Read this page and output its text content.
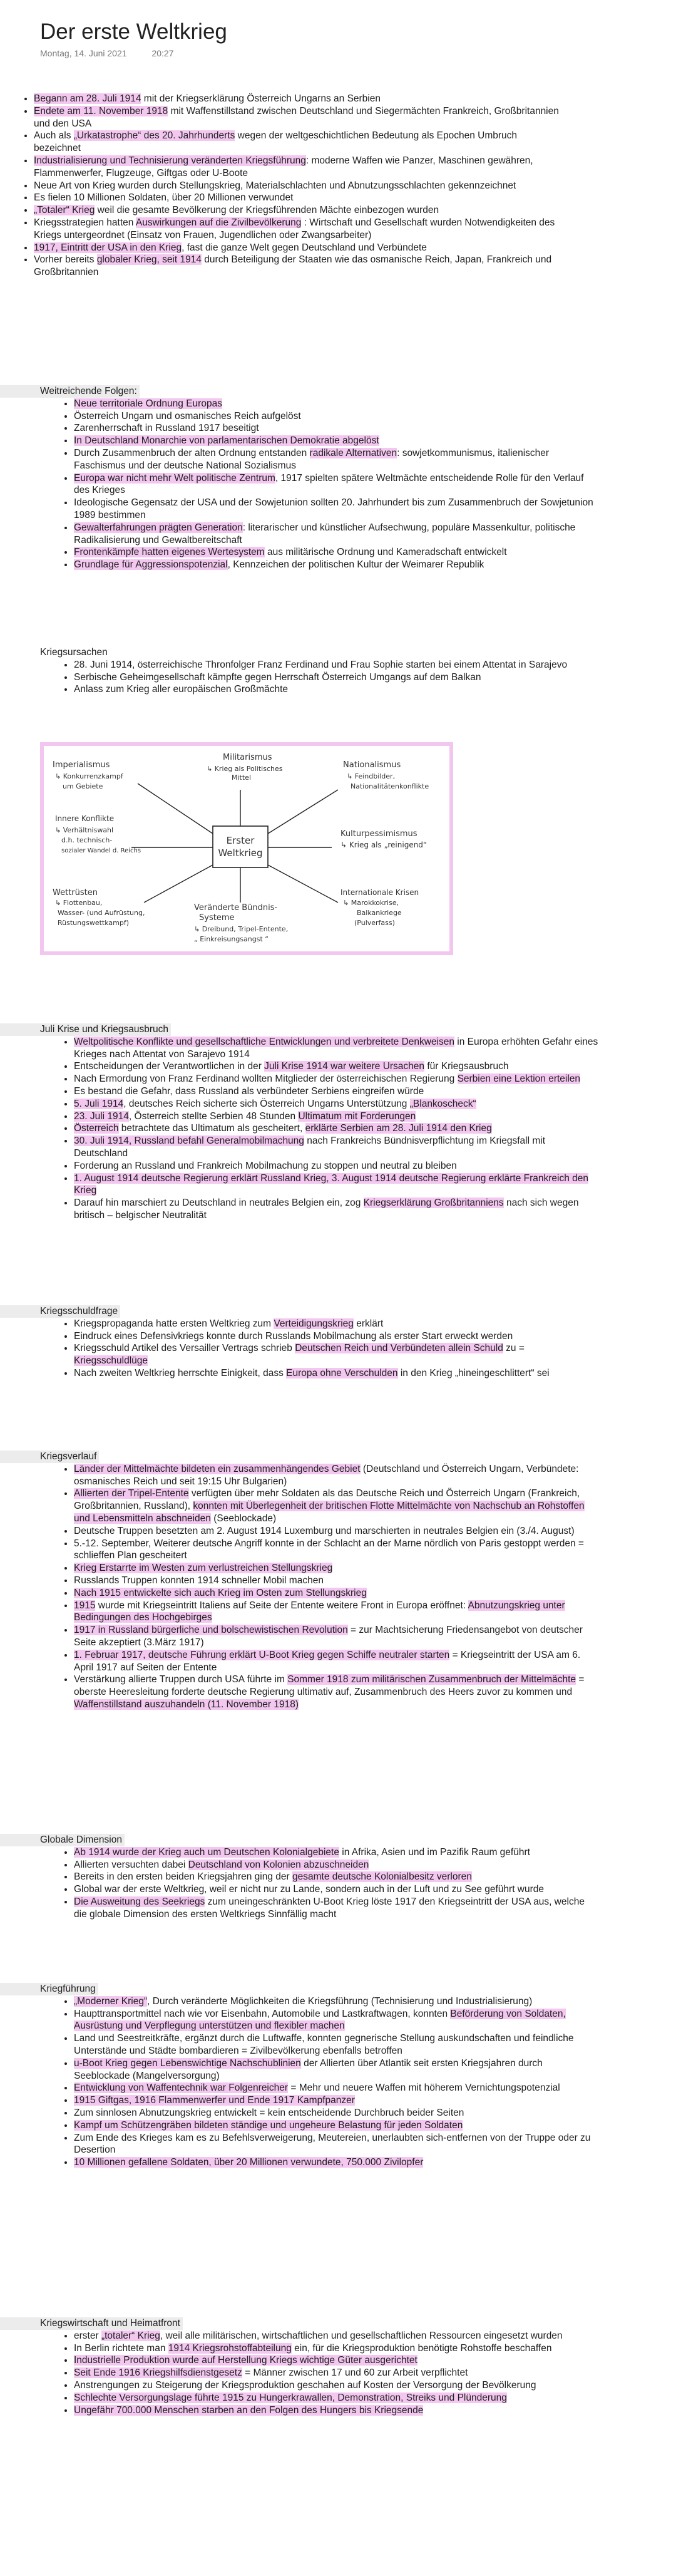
Der erste Weltkrieg
Montag, 14. Juni 2021	20:27
• Begann am 28. Juli 1914 mit der Kriegserklärung Österreich Ungarns an Serbien
• Endete am 11. November 1918 mit Waffenstillstand zwischen Deutschland und Siegermächten Frankreich, Großbritannien und den USA
• Auch als „Urkatastrophe“ des 20. Jahrhunderts wegen der weltgeschichtlichen Bedeutung als Epochen Umbruch bezeichnet
• Industrialisierung und Technisierung veränderten Kriegsführung: moderne Waffen wie Panzer, Maschinen gewähren, Flammenwerfer, Flugzeuge, Giftgas oder U-Boote
• Neue Art von Krieg wurden durch Stellungskrieg, Materialschlachten und Abnutzungsschlachten gekennzeichnet
• Es fielen 10 Millionen Soldaten, über 20 Millionen verwundet
• „Totaler“ Krieg weil die gesamte Bevölkerung der Kriegsführenden Mächte einbezogen wurden
• Kriegsstrategien hatten Auswirkungen auf die Zivilbevölkerung : Wirtschaft und Gesellschaft wurden Notwendigkeiten des Kriegs untergeordnet (Einsatz von Frauen, Jugendlichen oder Zwangsarbeiter)
• 1917, Eintritt der USA in den Krieg, fast die ganze Welt gegen Deutschland und Verbündete
• Vorher bereits globaler Krieg, seit 1914 durch Beteiligung der Staaten wie das osmanische Reich, Japan, Frankreich und Großbritannien
Weitreichende Folgen:
• Neue territoriale Ordnung Europas
• Österreich Ungarn und osmanisches Reich aufgelöst
• Zarenherrschaft in Russland 1917 beseitigt
• In Deutschland Monarchie von parlamentarischen Demokratie abgelöst
• Durch Zusammenbruch der alten Ordnung entstanden radikale Alternativen: sowjetkommunismus, italienischer Faschismus und der deutsche National Sozialismus
• Europa war nicht mehr Welt politische Zentrum, 1917 spielten spätere Weltmächte entscheidende Rolle für den Verlauf des Krieges
• Ideologische Gegensatz der USA und der Sowjetunion sollten 20. Jahrhundert bis zum Zusammenbruch der Sowjetunion 1989 bestimmen
• Gewalterfahrungen prägten Generation: literarischer und künstlicher Aufsechwung, populäre Massenkultur, politische Radikalisierung und Gewaltbereitschaft
• Frontenkämpfe hatten eigenes Wertesystem aus militärische Ordnung und Kameradschaft entwickelt
• Grundlage für Aggressionspotenzial, Kennzeichen der politischen Kultur der Weimarer Republik
Kriegsursachen
• 28. Juni 1914, österreichische Thronfolger Franz Ferdinand und Frau Sophie starten bei einem Attentat in Sarajevo
• Serbische Geheimgesellschaft kämpfte gegen Herrschaft Österreich Umgangs auf dem Balkan
• Anlass zum Krieg aller europäischen Großmächte
Erster
Weltkrieg
Militarismus
↳ Krieg als Politisches
Mittel
Imperialismus
↳ Konkurrenzkampf
um Gebiete
Innere Konflikte
↳ Verhältniswahl
d.h. technisch-
sozialer Wandel d. Reichs
Wettrüsten
↳ Flottenbau,
Wasser- (und Aufrüstung,
Rüstungswettkampf)
Veränderte Bündnis-
Systeme
↳ Dreibund, Tripel-Entente,
„ Einkreisungsangst “
Nationalismus
↳ Feindbilder,
Nationalitätenkonflikte
Kulturpessimismus
↳ Krieg als „reinigend“
Internationale Krisen
↳ Marokkokrise,
Balkankriege
(Pulverfass)
Juli Krise und Kriegsausbruch
• Weltpolitische Konflikte und gesellschaftliche Entwicklungen und verbreitete Denkweisen in Europa erhöhten Gefahr eines Krieges nach Attentat von Sarajevo 1914
• Entscheidungen der Verantwortlichen in der Juli Krise 1914 war weitere Ursachen für Kriegsausbruch
• Nach Ermordung von Franz Ferdinand wollten Mitglieder der österreichischen Regierung Serbien eine Lektion erteilen
• Es bestand die Gefahr, dass Russland als verbündeter Serbiens eingreifen würde
• 5. Juli 1914, deutsches Reich sicherte sich Österreich Ungarns Unterstützung „Blankoscheck“
• 23. Juli 1914, Österreich stellte Serbien 48 Stunden Ultimatum mit Forderungen
• Österreich betrachtete das Ultimatum als gescheitert, erklärte Serbien am 28. Juli 1914 den Krieg
• 30. Juli 1914, Russland befahl Generalmobilmachung nach Frankreichs Bündnisverpflichtung im Kriegsfall mit Deutschland
• Forderung an Russland und Frankreich Mobilmachung zu stoppen und neutral zu bleiben
• 1. August 1914 deutsche Regierung erklärt Russland Krieg, 3. August 1914 deutsche Regierung erklärte Frankreich den Krieg
• Darauf hin marschiert zu Deutschland in neutrales Belgien ein, zog Kriegserklärung Großbritanniens nach sich wegen britisch – belgischer Neutralität
Kriegsschuldfrage
• Kriegspropaganda hatte ersten Weltkrieg zum Verteidigungskrieg erklärt
• Eindruck eines Defensivkriegs konnte durch Russlands Mobilmachung als erster Start erweckt werden
• Kriegsschuld Artikel des Versailler Vertrags schrieb Deutschen Reich und Verbündeten allein Schuld zu = Kriegsschuldlüge
• Nach zweiten Weltkrieg herrschte Einigkeit, dass Europa ohne Verschulden in den Krieg „hineingeschlittert“ sei
Kriegsverlauf
• Länder der Mittelmächte bildeten ein zusammenhängendes Gebiet (Deutschland und Österreich Ungarn, Verbündete: osmanisches Reich und seit 19:15 Uhr Bulgarien)
• Allierten der Tripel-Entente verfügten über mehr Soldaten als das Deutsche Reich und Österreich Ungarn (Frankreich, Großbritannien, Russland), konnten mit Überlegenheit der britischen Flotte Mittelmächte von Nachschub an Rohstoffen und Lebensmitteln abschneiden (Seeblockade)
• Deutsche Truppen besetzten am 2. August 1914 Luxemburg und marschierten in neutrales Belgien ein (3./4. August)
• 5.-12. September, Weiterer deutsche Angriff konnte in der Schlacht an der Marne nördlich von Paris gestoppt werden = schlieffen Plan gescheitert
• Krieg Erstarrte im Westen zum verlustreichen Stellungskrieg
• Russlands Truppen konnten 1914 schneller Mobil machen
• Nach 1915 entwickelte sich auch Krieg im Osten zum Stellungskrieg
• 1915 wurde mit Kriegseintritt Italiens auf Seite der Entente weitere Front in Europa eröffnet: Abnutzungskrieg unter Bedingungen des Hochgebirges
• 1917 in Russland bürgerliche und bolschewistischen Revolution = zur Machtsicherung Friedensangebot von deutscher Seite akzeptiert (3.März 1917)
• 1. Februar 1917, deutsche Führung erklärt U-Boot Krieg gegen Schiffe neutraler starten = Kriegseintritt der USA am 6. April 1917 auf Seiten der Entente
• Verstärkung allierte Truppen durch USA führte im Sommer 1918 zum militärischen Zusammenbruch der Mittelmächte = oberste Heeresleitung forderte deutsche Regierung ultimativ auf, Zusammenbruch des Heers zuvor zu kommen und Waffenstillstand auszuhandeln (11. November 1918)
Globale Dimension
• Ab 1914 wurde der Krieg auch um Deutschen Kolonialgebiete in Afrika, Asien und im Pazifik Raum geführt
• Allierten versuchten dabei Deutschland von Kolonien abzuschneiden
• Bereits in den ersten beiden Kriegsjahren ging der gesamte deutsche Kolonialbesitz verloren
• Global war der erste Weltkrieg, weil er nicht nur zu Lande, sondern auch in der Luft und zu See geführt wurde
• Die Ausweitung des Seekriegs zum uneingeschränkten U-Boot Krieg löste 1917 den Kriegseintritt der USA aus, welche die globale Dimension des ersten Weltkriegs Sinnfällig macht
Kriegführung
• „Moderner Krieg“, Durch veränderte Möglichkeiten die Kriegsführung (Technisierung und Industrialisierung)
• Haupttransportmittel nach wie vor Eisenbahn, Automobile und Lastkraftwagen, konnten Beförderung von Soldaten, Ausrüstung und Verpflegung unterstützen und flexibler machen
• Land und Seestreitkräfte, ergänzt durch die Luftwaffe, konnten gegnerische Stellung auskundschaften und feindliche Unterstände und Städte bombardieren = Zivilbevölkerung ebenfalls betroffen
• u-Boot Krieg gegen Lebenswichtige Nachschublinien der Allierten über Atlantik seit ersten Kriegsjahren durch Seeblockade (Mangelversorgung)
• Entwicklung von Waffentechnik war Folgenreicher = Mehr und neuere Waffen mit höherem Vernichtungspotenzial
• 1915 Giftgas, 1916 Flammenwerfer und Ende 1917 Kampfpanzer
• Zum sinnlosen Abnutzungskrieg entwickelt = kein entscheidende Durchbruch beider Seiten
• Kampf um Schützengräben bildeten ständige und ungeheure Belastung für jeden Soldaten
• Zum Ende des Krieges kam es zu Befehlsverweigerung, Meutereien, unerlaubten sich-entfernen von der Truppe oder zu Desertion
• 10 Millionen gefallene Soldaten, über 20 Millionen verwundete, 750.000 Zivilopfer
Kriegswirtschaft und Heimatfront
• erster „totaler“ Krieg, weil alle militärischen, wirtschaftlichen und gesellschaftlichen Ressourcen eingesetzt wurden
• In Berlin richtete man 1914 Kriegsrohstoffabteilung ein, für die Kriegsproduktion benötigte Rohstoffe beschaffen
• Industrielle Produktion wurde auf Herstellung Kriegs wichtige Güter ausgerichtet
• Seit Ende 1916 Kriegshilfsdienstgesetz = Männer zwischen 17 und 60 zur Arbeit verpflichtet
• Anstrengungen zu Steigerung der Kriegsproduktion geschahen auf Kosten der Versorgung der Bevölkerung
• Schlechte Versorgungslage führte 1915 zu Hungerkrawallen, Demonstration, Streiks und Plünderung
• Ungefähr 700.000 Menschen starben an den Folgen des Hungers bis Kriegsende
